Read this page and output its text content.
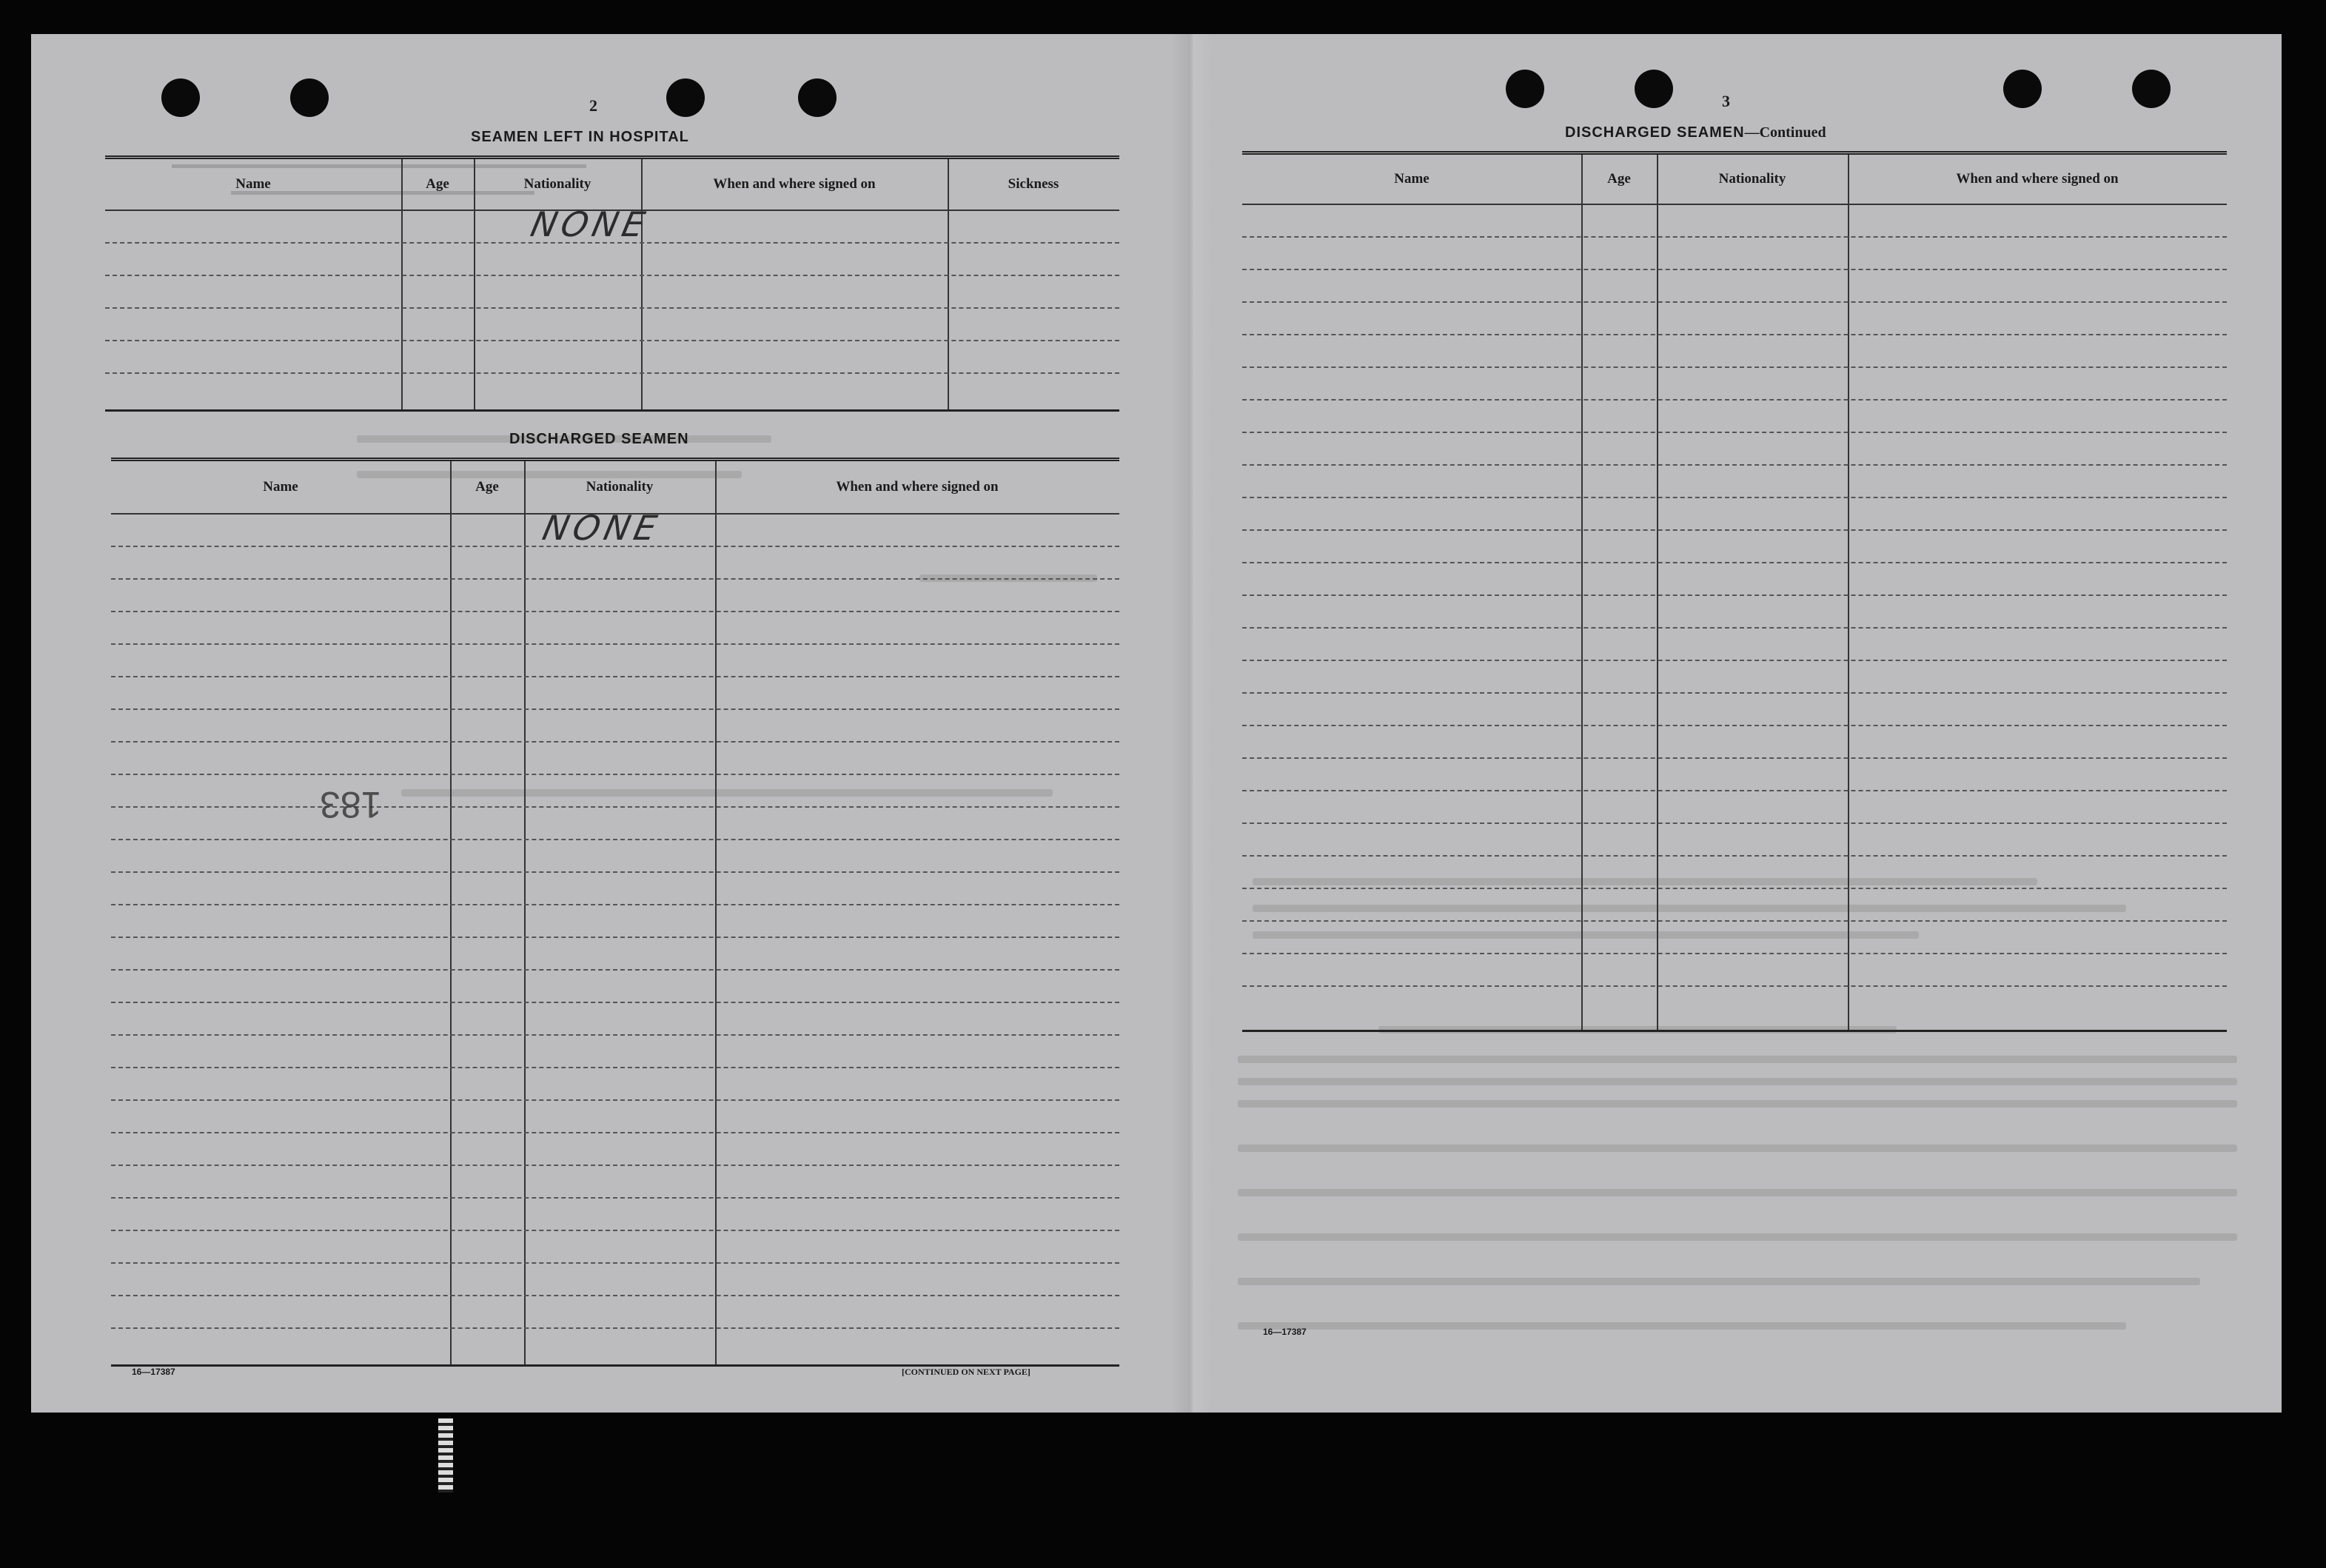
2
SEAMEN LEFT IN HOSPITAL
Name	Age	Nationality	When and where signed on	Sickness
NONE
DISCHARGED SEAMEN
Name	Age	Nationality	When and where signed on
NONE
183
16—17387	[CONTINUED ON NEXT PAGE]
3
DISCHARGED SEAMEN—Continued
Name	Age	Nationality	When and where signed on
16—17387
